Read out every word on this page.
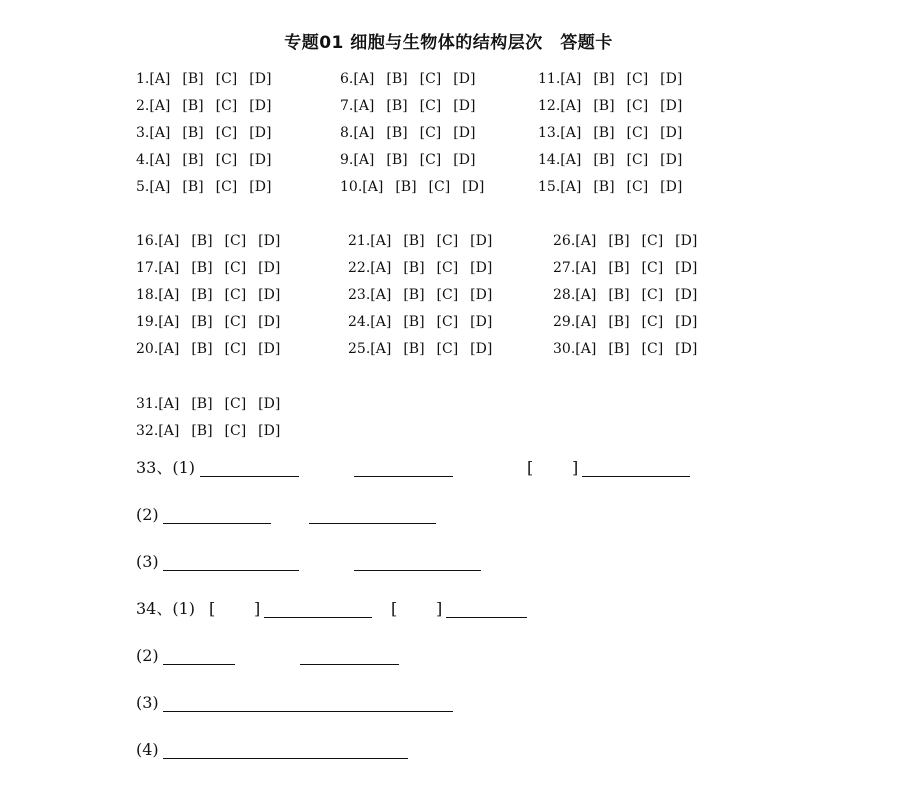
专题01 细胞与生物体的结构层次　答题卡
1.[A] [B] [C] [D]
2.[A] [B] [C] [D]
3.[A] [B] [C] [D]
4.[A] [B] [C] [D]
5.[A] [B] [C] [D]
6.[A] [B] [C] [D]
7.[A] [B] [C] [D]
8.[A] [B] [C] [D]
9.[A] [B] [C] [D]
10.[A] [B] [C] [D]
11.[A] [B] [C] [D]
12.[A] [B] [C] [D]
13.[A] [B] [C] [D]
14.[A] [B] [C] [D]
15.[A] [B] [C] [D]
16.[A] [B] [C] [D]
17.[A] [B] [C] [D]
18.[A] [B] [C] [D]
19.[A] [B] [C] [D]
20.[A] [B] [C] [D]
21.[A] [B] [C] [D]
22.[A] [B] [C] [D]
23.[A] [B] [C] [D]
24.[A] [B] [C] [D]
25.[A] [B] [C] [D]
26.[A] [B] [C] [D]
27.[A] [B] [C] [D]
28.[A] [B] [C] [D]
29.[A] [B] [C] [D]
30.[A] [B] [C] [D]
31.[A] [B] [C] [D]
32.[A] [B] [C] [D]
33、(1)	[ ]
(2)
(3)
34、(1) [ ]	[ ]
(2)
(3)
(4)
